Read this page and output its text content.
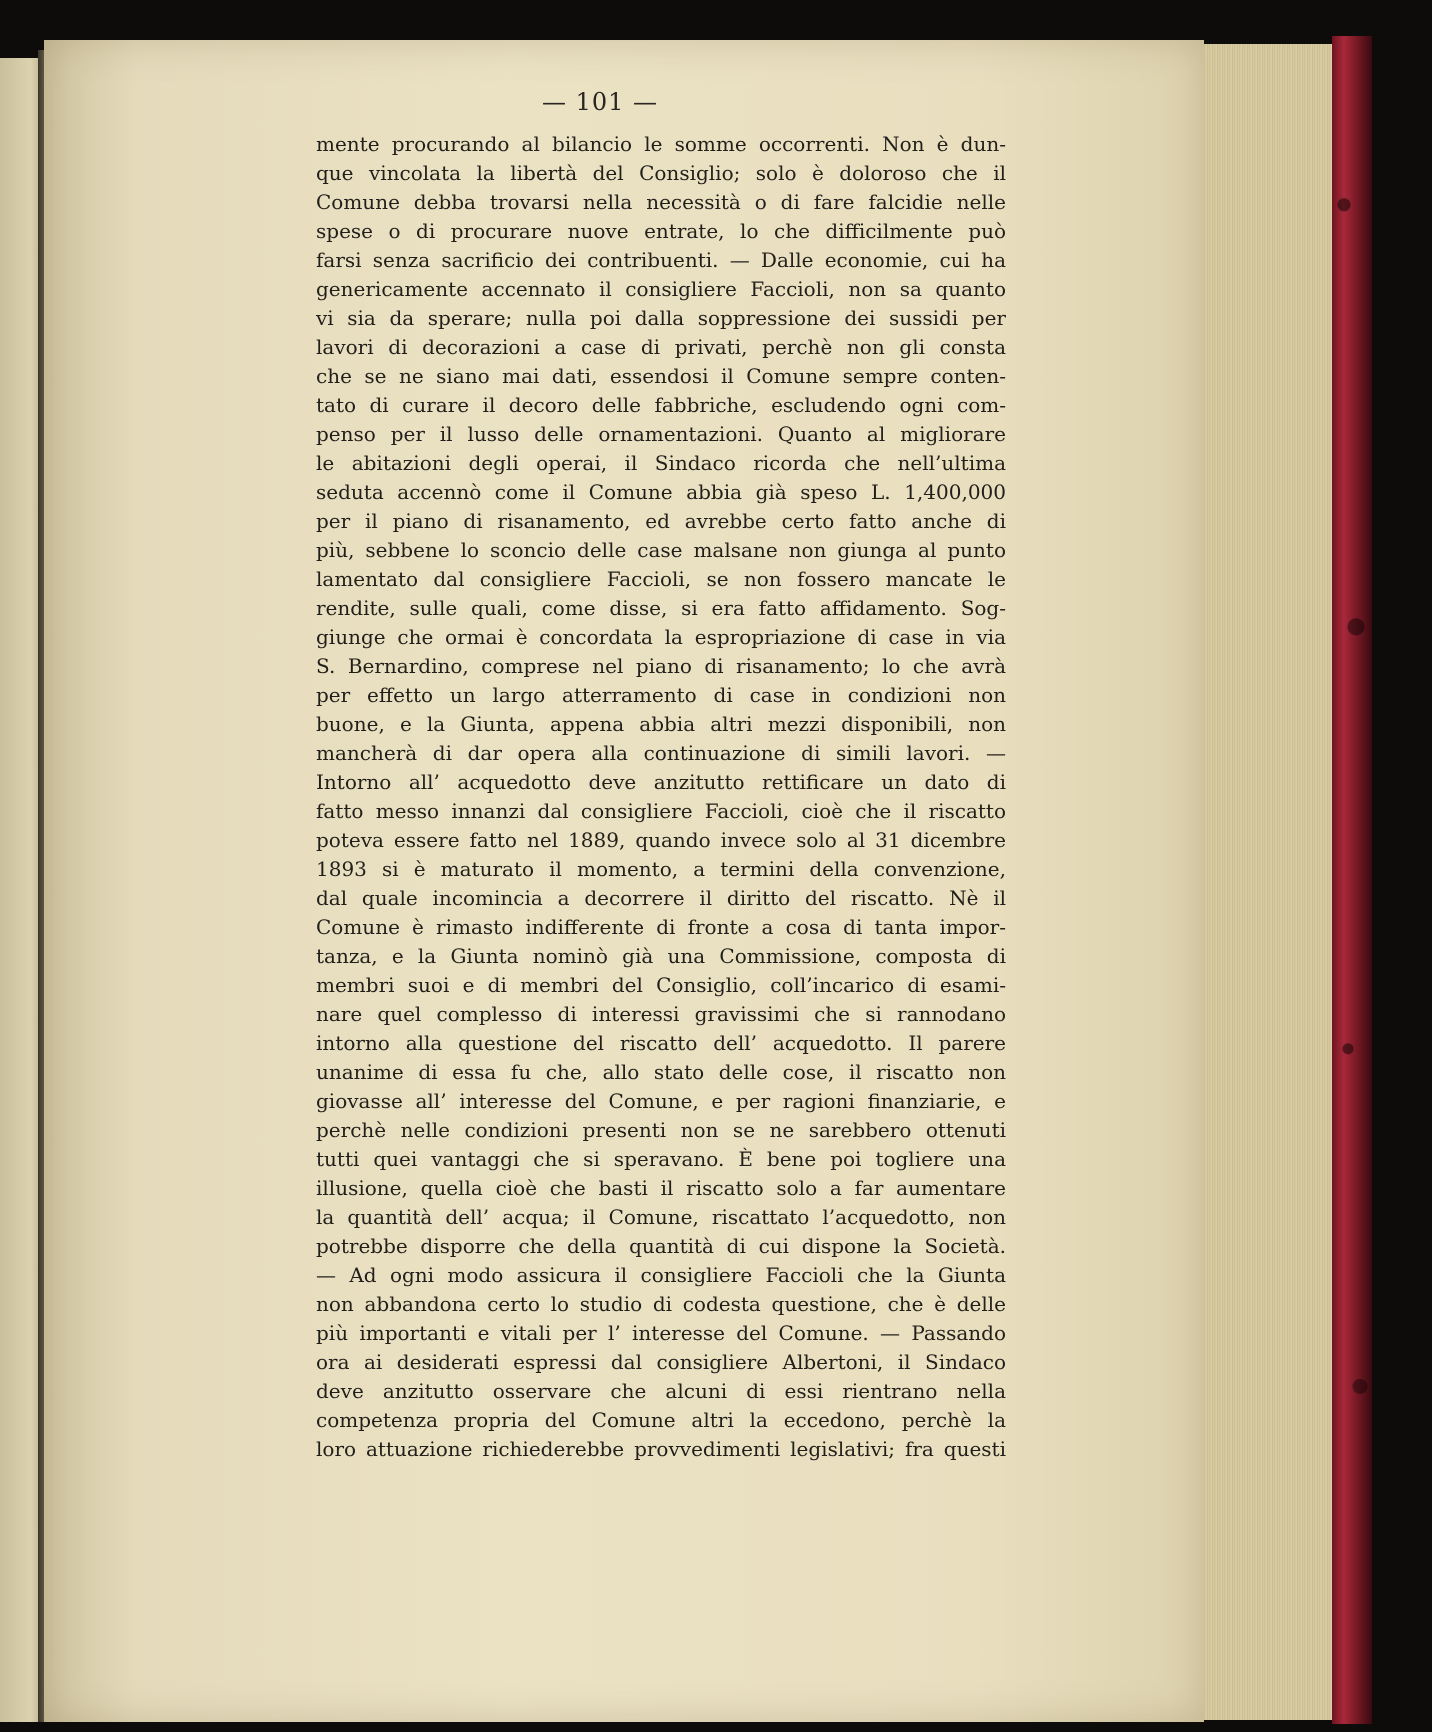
— 101 —
mente procurando al bilancio le somme occorrenti. Non è dun-
que vincolata la libertà del Consiglio; solo è doloroso che il
Comune debba trovarsi nella necessità o di fare falcidie nelle
spese o di procurare nuove entrate, lo che difficilmente può
farsi senza sacrificio dei contribuenti. — Dalle economie, cui ha
genericamente accennato il consigliere Faccioli, non sa quanto
vi sia da sperare; nulla poi dalla soppressione dei sussidi per
lavori di decorazioni a case di privati, perchè non gli consta
che se ne siano mai dati, essendosi il Comune sempre conten-
tato di curare il decoro delle fabbriche, escludendo ogni com-
penso per il lusso delle ornamentazioni. Quanto al migliorare
le abitazioni degli operai, il Sindaco ricorda che nell’ultima
seduta accennò come il Comune abbia già speso L. 1,400,000
per il piano di risanamento, ed avrebbe certo fatto anche di
più, sebbene lo sconcio delle case malsane non giunga al punto
lamentato dal consigliere Faccioli, se non fossero mancate le
rendite, sulle quali, come disse, si era fatto affidamento. Sog-
giunge che ormai è concordata la espropriazione di case in via
S. Bernardino, comprese nel piano di risanamento; lo che avrà
per effetto un largo atterramento di case in condizioni non
buone, e la Giunta, appena abbia altri mezzi disponibili, non
mancherà di dar opera alla continuazione di simili lavori. —
Intorno all’ acquedotto deve anzitutto rettificare un dato di
fatto messo innanzi dal consigliere Faccioli, cioè che il riscatto
poteva essere fatto nel 1889, quando invece solo al 31 dicembre
1893 si è maturato il momento, a termini della convenzione,
dal quale incomincia a decorrere il diritto del riscatto. Nè il
Comune è rimasto indifferente di fronte a cosa di tanta impor-
tanza, e la Giunta nominò già una Commissione, composta di
membri suoi e di membri del Consiglio, coll’incarico di esami-
nare quel complesso di interessi gravissimi che si rannodano
intorno alla questione del riscatto dell’ acquedotto. Il parere
unanime di essa fu che, allo stato delle cose, il riscatto non
giovasse all’ interesse del Comune, e per ragioni finanziarie, e
perchè nelle condizioni presenti non se ne sarebbero ottenuti
tutti quei vantaggi che si speravano. È bene poi togliere una
illusione, quella cioè che basti il riscatto solo a far aumentare
la quantità dell’ acqua; il Comune, riscattato l’acquedotto, non
potrebbe disporre che della quantità di cui dispone la Società.
— Ad ogni modo assicura il consigliere Faccioli che la Giunta
non abbandona certo lo studio di codesta questione, che è delle
più importanti e vitali per l’ interesse del Comune. — Passando
ora ai desiderati espressi dal consigliere Albertoni, il Sindaco
deve anzitutto osservare che alcuni di essi rientrano nella
competenza propria del Comune altri la eccedono, perchè la
loro attuazione richiederebbe provvedimenti legislativi; fra questi
